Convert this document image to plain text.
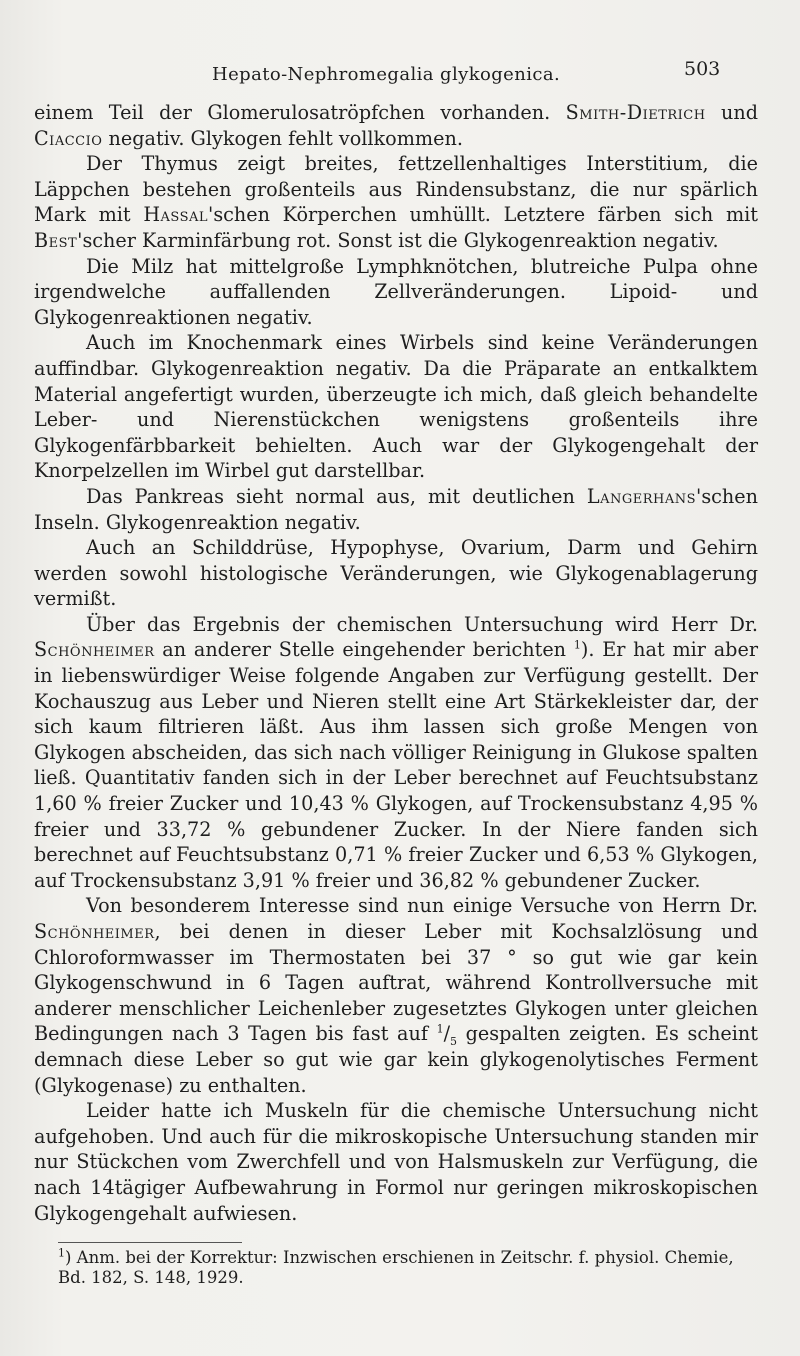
Hepato-Nephromegalia glykogenica.	503

einem Teil der Glomerulosatröpfchen vorhanden. Smith-Dietrich und Ciaccio negativ. Glykogen fehlt vollkommen.

Der Thymus zeigt breites, fettzellenhaltiges Interstitium, die Läppchen bestehen großenteils aus Rindensubstanz, die nur spärlich Mark mit Hassal'schen Körperchen umhüllt. Letztere färben sich mit Best'scher Karminfärbung rot. Sonst ist die Glykogenreaktion negativ.

Die Milz hat mittelgroße Lymphknötchen, blutreiche Pulpa ohne irgendwelche auffallenden Zellveränderungen. Lipoid- und Glykogenreaktionen negativ.

Auch im Knochenmark eines Wirbels sind keine Veränderungen auffindbar. Glykogenreaktion negativ. Da die Präparate an entkalktem Material angefertigt wurden, überzeugte ich mich, daß gleich behandelte Leber- und Nierenstückchen wenigstens großenteils ihre Glykogenfärbbarkeit behielten. Auch war der Glykogengehalt der Knorpelzellen im Wirbel gut darstellbar.

Das Pankreas sieht normal aus, mit deutlichen Langerhans'schen Inseln. Glykogenreaktion negativ.

Auch an Schilddrüse, Hypophyse, Ovarium, Darm und Gehirn werden sowohl histologische Veränderungen, wie Glykogenablagerung vermißt.

Über das Ergebnis der chemischen Untersuchung wird Herr Dr. Schönheimer an anderer Stelle eingehender berichten $^1$). Er hat mir aber in liebenswürdiger Weise folgende Angaben zur Verfügung gestellt. Der Kochauszug aus Leber und Nieren stellt eine Art Stärkekleister dar, der sich kaum filtrieren läßt. Aus ihm lassen sich große Mengen von Glykogen abscheiden, das sich nach völliger Reinigung in Glukose spalten ließ. Quantitativ fanden sich in der Leber berechnet auf Feuchtsubstanz 1,60 % freier Zucker und 10,43 % Glykogen, auf Trockensubstanz 4,95 % freier und 33,72 % gebundener Zucker. In der Niere fanden sich berechnet auf Feuchtsubstanz 0,71 % freier Zucker und 6,53 % Glykogen, auf Trockensubstanz 3,91 % freier und 36,82 % gebundener Zucker.

Von besonderem Interesse sind nun einige Versuche von Herrn Dr. Schönheimer, bei denen in dieser Leber mit Kochsalzlösung und Chloroformwasser im Thermostaten bei 37 ° so gut wie gar kein Glykogenschwund in 6 Tagen auftrat, während Kontrollversuche mit anderer menschlicher Leichenleber zugesetztes Glykogen unter gleichen Bedingungen nach 3 Tagen bis fast auf $^1/_5$ gespalten zeigten. Es scheint demnach diese Leber so gut wie gar kein glykogenolytisches Ferment (Glykogenase) zu enthalten.

Leider hatte ich Muskeln für die chemische Untersuchung nicht aufgehoben. Und auch für die mikroskopische Untersuchung standen mir nur Stückchen vom Zwerchfell und von Halsmuskeln zur Verfügung, die nach 14tägiger Aufbewahrung in Formol nur geringen mikroskopischen Glykogengehalt aufwiesen.

$^1$) Anm. bei der Korrektur: Inzwischen erschienen in Zeitschr. f. physiol. Chemie, Bd. 182, S. 148, 1929.
